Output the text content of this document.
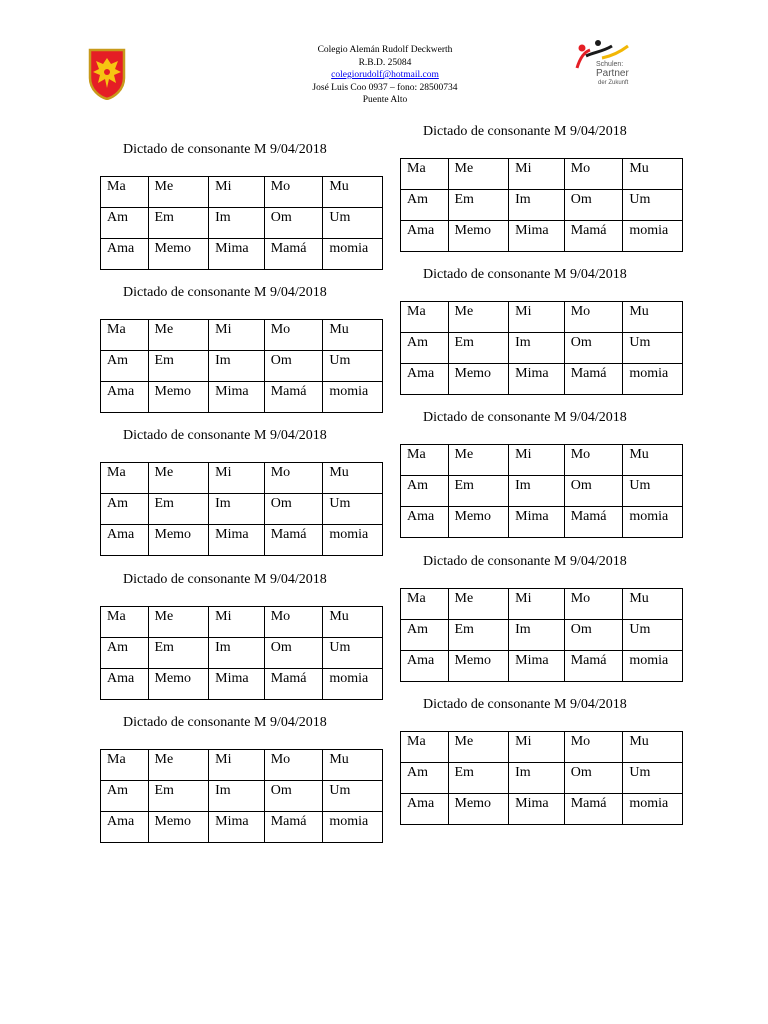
Colegio Alemán Rudolf Deckwerth
R.B.D. 25084
colegiorudolf@hotmail.com
José Luis Coo 0937 – fono: 28500734
Puente Alto
Schulen:
Partner
der Zukunft
Dictado de consonante M 9/04/2018
Ma	Me	Mi	Mo	Mu
Am	Em	Im	Om	Um
Ama	Memo	Mima	Mamá	momia
Dictado de consonante M 9/04/2018
Ma	Me	Mi	Mo	Mu
Am	Em	Im	Om	Um
Ama	Memo	Mima	Mamá	momia
Dictado de consonante M 9/04/2018
Ma	Me	Mi	Mo	Mu
Am	Em	Im	Om	Um
Ama	Memo	Mima	Mamá	momia
Dictado de consonante M 9/04/2018
Ma	Me	Mi	Mo	Mu
Am	Em	Im	Om	Um
Ama	Memo	Mima	Mamá	momia
Dictado de consonante M 9/04/2018
Ma	Me	Mi	Mo	Mu
Am	Em	Im	Om	Um
Ama	Memo	Mima	Mamá	momia
Dictado de consonante M 9/04/2018
Ma	Me	Mi	Mo	Mu
Am	Em	Im	Om	Um
Ama	Memo	Mima	Mamá	momia
Dictado de consonante M 9/04/2018
Ma	Me	Mi	Mo	Mu
Am	Em	Im	Om	Um
Ama	Memo	Mima	Mamá	momia
Dictado de consonante M 9/04/2018
Ma	Me	Mi	Mo	Mu
Am	Em	Im	Om	Um
Ama	Memo	Mima	Mamá	momia
Dictado de consonante M 9/04/2018
Ma	Me	Mi	Mo	Mu
Am	Em	Im	Om	Um
Ama	Memo	Mima	Mamá	momia
Dictado de consonante M 9/04/2018
Ma	Me	Mi	Mo	Mu
Am	Em	Im	Om	Um
Ama	Memo	Mima	Mamá	momia
